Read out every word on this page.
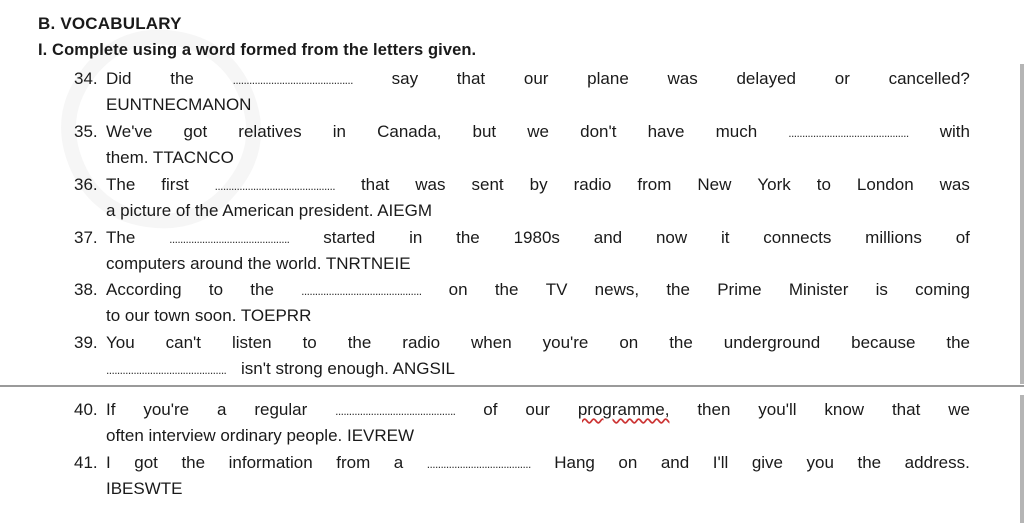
B. VOCABULARY
I. Complete using a word formed from the letters given.
34. Did the	............................................ say that our plane was delayed or cancelled?
EUNTNECMANON
35. We've got relatives in Canada, but we don't have much	............................................ with
them. TTACNCO
36. The first ............................................ that was sent by radio from New York to London was
a picture of the American president. AIEGM
37. The	............................................ started in the 1980s and now it connects millions of
computers around the world. TNRTNEIE
38. According to the ............................................ on the TV news, the Prime Minister is coming
to our town soon. TOEPRR
39. You can't listen to the radio when you're on the underground because the
............................................ isn't strong enough. ANGSIL
40. If you're a regular ............................................ of our programme, then you'll know that we
often interview ordinary people. IEVREW
41. I got the information from a ...................................... Hang on and I'll give you the address.
IBESWTE
